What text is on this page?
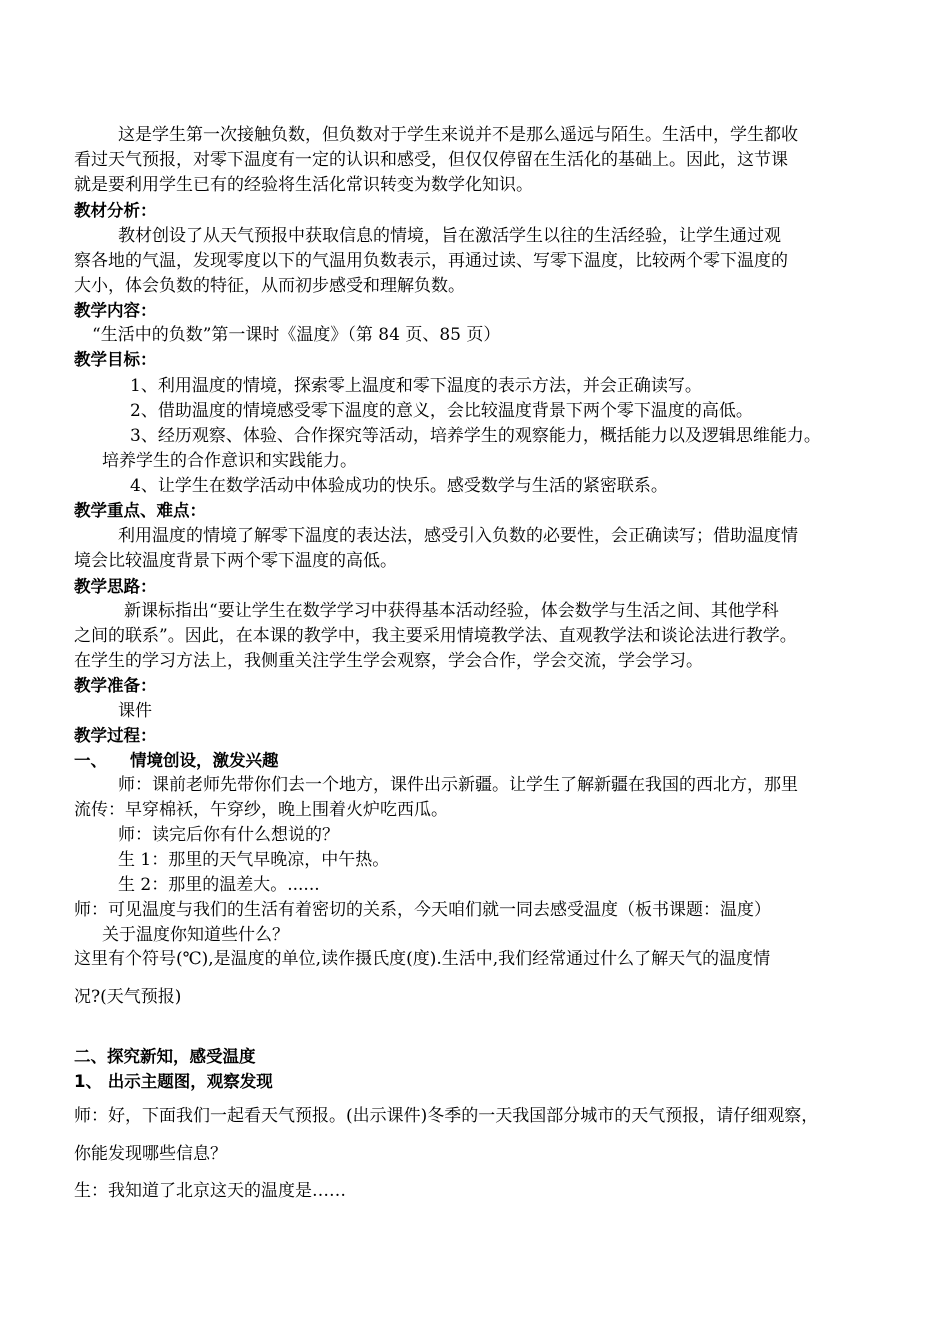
这是学生第一次接触负数，但负数对于学生来说并不是那么遥远与陌生。生活中，学生都收
看过天气预报，对零下温度有一定的认识和感受，但仅仅停留在生活化的基础上。因此，这节课
就是要利用学生已有的经验将生活化常识转变为数学化知识。
教材分析：
教材创设了从天气预报中获取信息的情境，旨在激活学生以往的生活经验，让学生通过观
察各地的气温，发现零度以下的气温用负数表示，再通过读、写零下温度，比较两个零下温度的
大小，体会负数的特征，从而初步感受和理解负数。
教学内容：
“生活中的负数”第一课时《温度》（第 84 页、85 页）
教学目标：
1、利用温度的情境，探索零上温度和零下温度的表示方法，并会正确读写。
2、借助温度的情境感受零下温度的意义，会比较温度背景下两个零下温度的高低。
3、经历观察、体验、合作探究等活动，培养学生的观察能力，概括能力以及逻辑思维能力。
培养学生的合作意识和实践能力。
4、让学生在数学活动中体验成功的快乐。感受数学与生活的紧密联系。
教学重点、难点：
利用温度的情境了解零下温度的表达法，感受引入负数的必要性，会正确读写；借助温度情
境会比较温度背景下两个零下温度的高低。
教学思路：
新课标指出“要让学生在数学学习中获得基本活动经验，体会数学与生活之间、其他学科
之间的联系”。因此，在本课的教学中，我主要采用情境教学法、直观教学法和谈论法进行教学。
在学生的学习方法上，我侧重关注学生学会观察，学会合作，学会交流，学会学习。
教学准备：
课件
教学过程：
一、 情境创设，激发兴趣
师：课前老师先带你们去一个地方，课件出示新疆。让学生了解新疆在我国的西北方，那里
流传：早穿棉袄，午穿纱，晚上围着火炉吃西瓜。
师：读完后你有什么想说的？
生 1：那里的天气早晚凉，中午热。
生 2：那里的温差大。......
师：可见温度与我们的生活有着密切的关系，今天咱们就一同去感受温度（板书课题：温度）
关于温度你知道些什么？
这里有个符号(℃),是温度的单位,读作摄氏度(度).生活中,我们经常通过什么了解天气的温度情
况?(天气预报)
二、探究新知，感受温度
1、 出示主题图，观察发现
师：好，下面我们一起看天气预报。(出示课件)冬季的一天我国部分城市的天气预报，请仔细观察，
你能发现哪些信息？
生：我知道了北京这天的温度是……
